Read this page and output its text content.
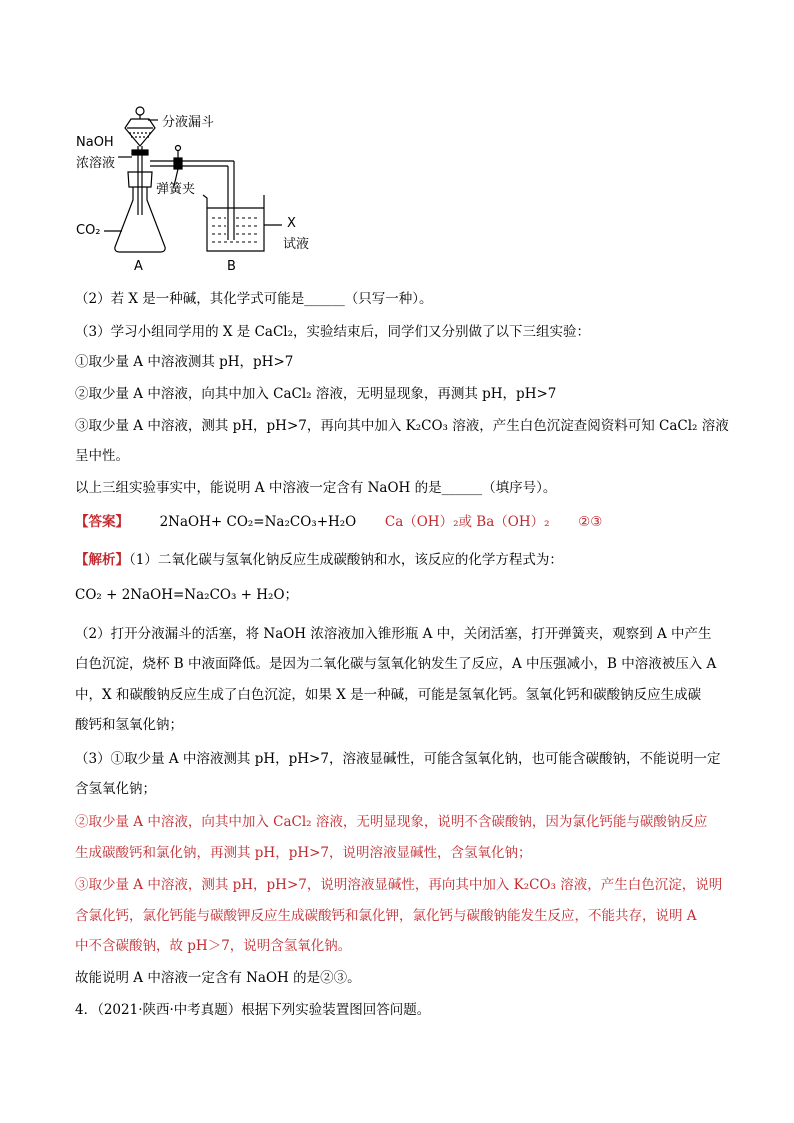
分液漏斗
NaOH
浓溶液
弹簧夹
CO₂	X
试液
A	B
（2）若 X 是一种碱，其化学式可能是______（只写一种）。
（3）学习小组同学用的 X 是 CaCl₂，实验结束后，同学们又分别做了以下三组实验：
①取少量 A 中溶液测其 pH，pH>7
②取少量 A 中溶液，向其中加入 CaCl₂ 溶液，无明显现象，再测其 pH，pH>7
③取少量 A 中溶液，测其 pH，pH>7，再向其中加入 K₂CO₃ 溶液，产生白色沉淀查阅资料可知 CaCl₂ 溶液
呈中性。
以上三组实验事实中，能说明 A 中溶液一定含有 NaOH 的是______（填序号）。
【答案】 2NaOH+ CO₂=Na₂CO₃+H₂O Ca（OH）₂或 Ba（OH）₂ ②③
【解析】（1）二氧化碳与氢氧化钠反应生成碳酸钠和水，该反应的化学方程式为：
CO₂ + 2NaOH=Na₂CO₃ + H₂O；
（2）打开分液漏斗的活塞，将 NaOH 浓溶液加入锥形瓶 A 中，关闭活塞，打开弹簧夹，观察到 A 中产生
白色沉淀，烧杯 B 中液面降低。是因为二氧化碳与氢氧化钠发生了反应，A 中压强减小，B 中溶液被压入 A
中，X 和碳酸钠反应生成了白色沉淀，如果 X 是一种碱，可能是氢氧化钙。氢氧化钙和碳酸钠反应生成碳
酸钙和氢氧化钠；
（3）①取少量 A 中溶液测其 pH，pH>7，溶液显碱性，可能含氢氧化钠，也可能含碳酸钠，不能说明一定
含氢氧化钠；
②取少量 A 中溶液，向其中加入 CaCl₂ 溶液，无明显现象，说明不含碳酸钠，因为氯化钙能与碳酸钠反应
生成碳酸钙和氯化钠，再测其 pH，pH>7，说明溶液显碱性，含氢氧化钠；
③取少量 A 中溶液，测其 pH，pH>7，说明溶液显碱性，再向其中加入 K₂CO₃ 溶液，产生白色沉淀，说明
含氯化钙，氯化钙能与碳酸钾反应生成碳酸钙和氯化钾，氯化钙与碳酸钠能发生反应，不能共存，说明 A
中不含碳酸钠，故 pH＞7，说明含氢氧化钠。
故能说明 A 中溶液一定含有 NaOH 的是②③。
4．（2021·陕西·中考真题）根据下列实验装置图回答问题。
